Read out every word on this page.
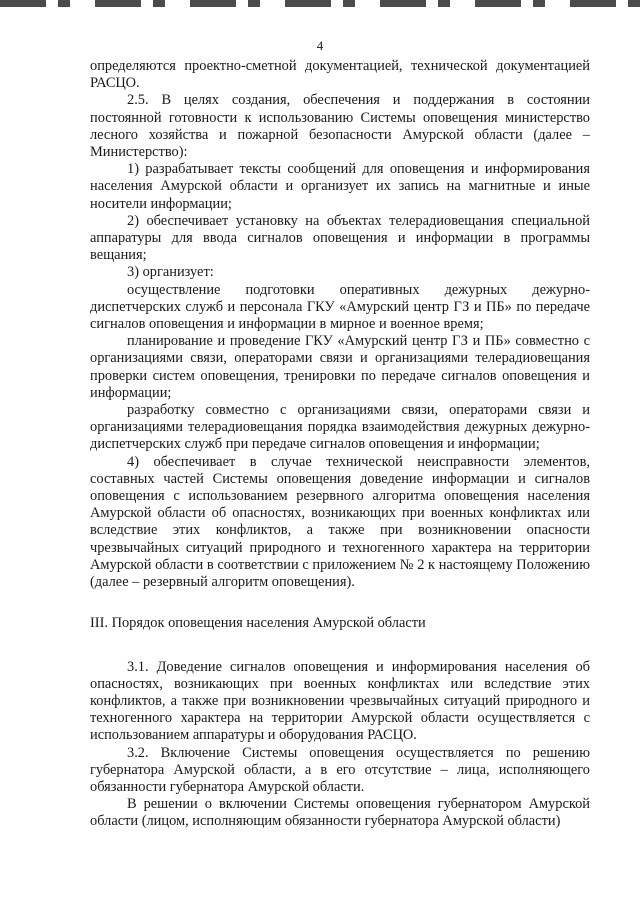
4

определяются проектно-сметной документацией, технической документацией РАСЦО.

2.5. В целях создания, обеспечения и поддержания в состоянии постоянной готовности к использованию Системы оповещения министерство лесного хозяйства и пожарной безопасности Амурской области (далее – Министерство):

1) разрабатывает тексты сообщений для оповещения и информирования населения Амурской области и организует их запись на магнитные и иные носители информации;

2) обеспечивает установку на объектах телерадиовещания специальной аппаратуры для ввода сигналов оповещения и информации в программы вещания;

3) организует:

осуществление подготовки оперативных дежурных дежурно-диспетчерских служб и персонала ГКУ «Амурский центр ГЗ и ПБ» по передаче сигналов оповещения и информации в мирное и военное время;

планирование и проведение ГКУ «Амурский центр ГЗ и ПБ» совместно с организациями связи, операторами связи и организациями телерадиовещания проверки систем оповещения, тренировки по передаче сигналов оповещения и информации;

разработку совместно с организациями связи, операторами связи и организациями телерадиовещания порядка взаимодействия дежурных дежурно-диспетчерских служб при передаче сигналов оповещения и информации;

4) обеспечивает в случае технической неисправности элементов, составных частей Системы оповещения доведение информации и сигналов оповещения с использованием резервного алгоритма оповещения населения Амурской области об опасностях, возникающих при военных конфликтах или вследствие этих конфликтов, а также при возникновении опасности чрезвычайных ситуаций природного и техногенного характера на территории Амурской области в соответствии с приложением № 2 к настоящему Положению (далее – резервный алгоритм оповещения).

III. Порядок оповещения населения Амурской области

3.1. Доведение сигналов оповещения и информирования населения об опасностях, возникающих при военных конфликтах или вследствие этих конфликтов, а также при возникновении чрезвычайных ситуаций природного и техногенного характера на территории Амурской области осуществляется с использованием аппаратуры и оборудования РАСЦО.

3.2. Включение Системы оповещения осуществляется по решению губернатора Амурской области, а в его отсутствие – лица, исполняющего обязанности губернатора Амурской области.

В решении о включении Системы оповещения губернатором Амурской области (лицом, исполняющим обязанности губернатора Амурской области)
